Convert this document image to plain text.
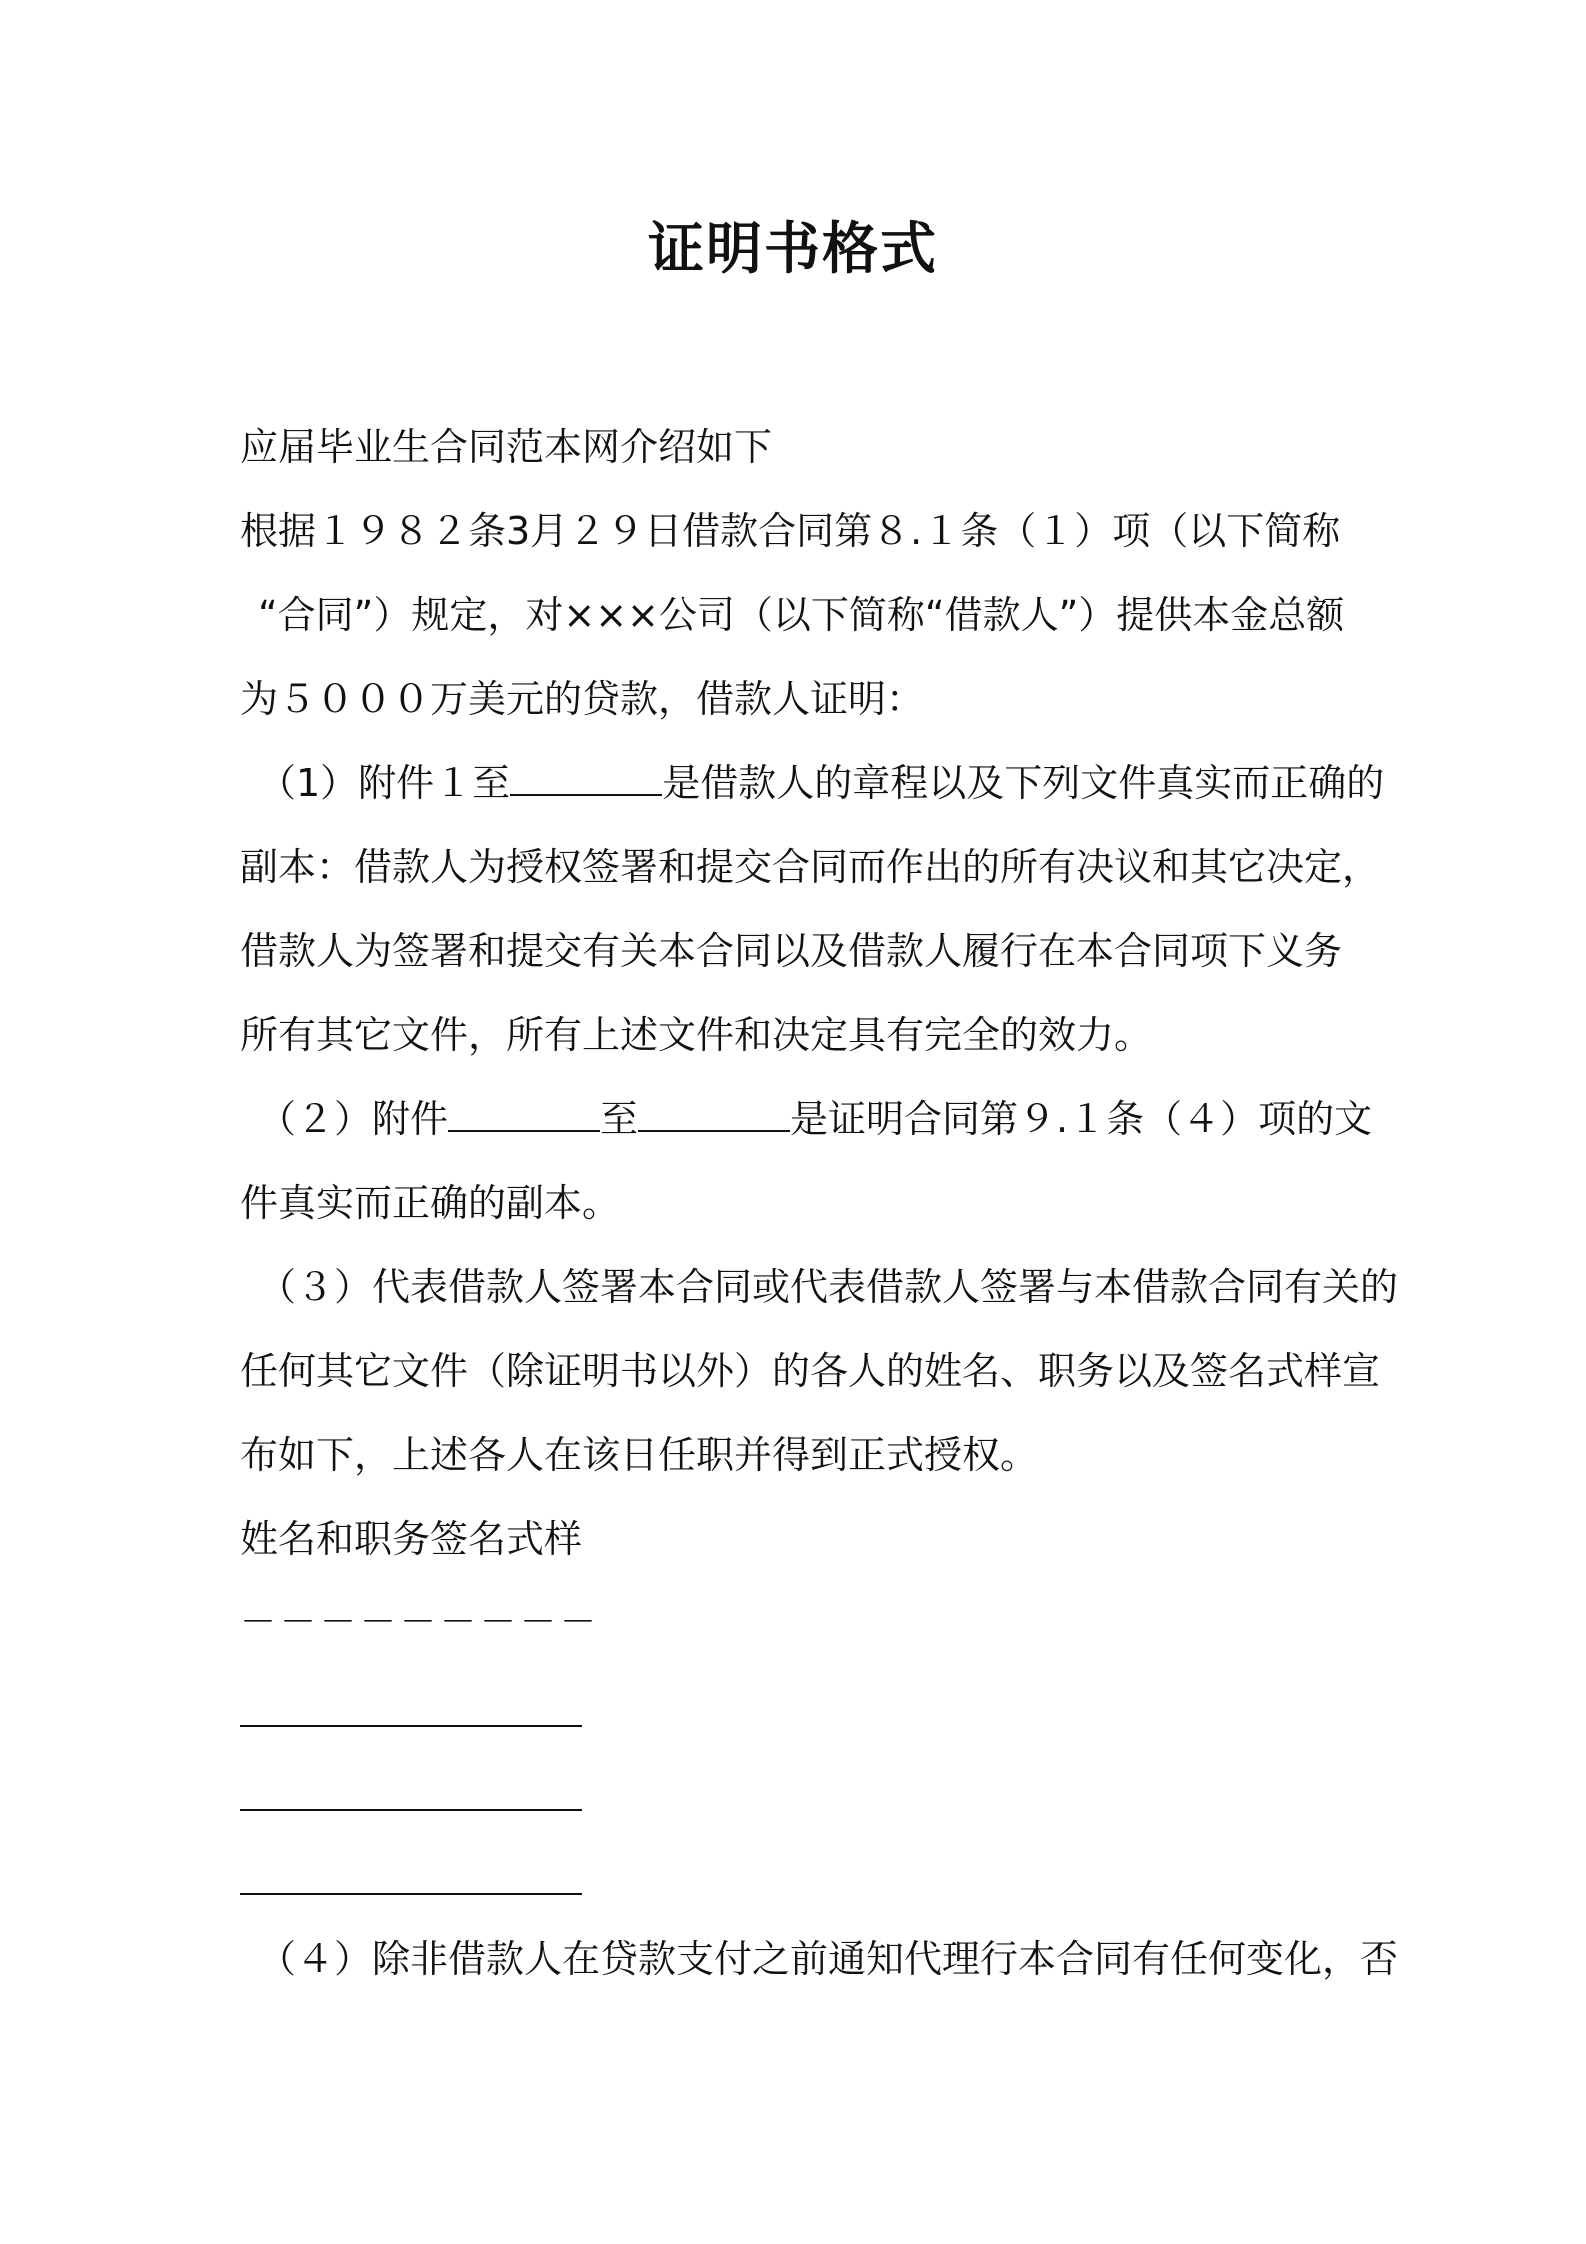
证明书格式
应届毕业生合同范本网介绍如下
根据１９８２条3月２９日借款合同第８.１条（１）项（以下简称
“合同”）规定，对×××公司（以下简称“借款人”）提供本金总额
为５０００万美元的贷款，借款人证明：
（1）附件１至	是借款人的章程以及下列文件真实而正确的
副本：借款人为授权签署和提交合同而作出的所有决议和其它决定，
借款人为签署和提交有关本合同以及借款人履行在本合同项下义务
所有其它文件，所有上述文件和决定具有完全的效力。
（２）附件	至	是证明合同第９.１条（４）项的文
件真实而正确的副本。
（３）代表借款人签署本合同或代表借款人签署与本借款合同有关的
任何其它文件（除证明书以外）的各人的姓名、职务以及签名式样宣
布如下，上述各人在该日任职并得到正式授权。
姓名和职务签名式样
－－－－－－－－－
（４）除非借款人在贷款支付之前通知代理行本合同有任何变化，否
